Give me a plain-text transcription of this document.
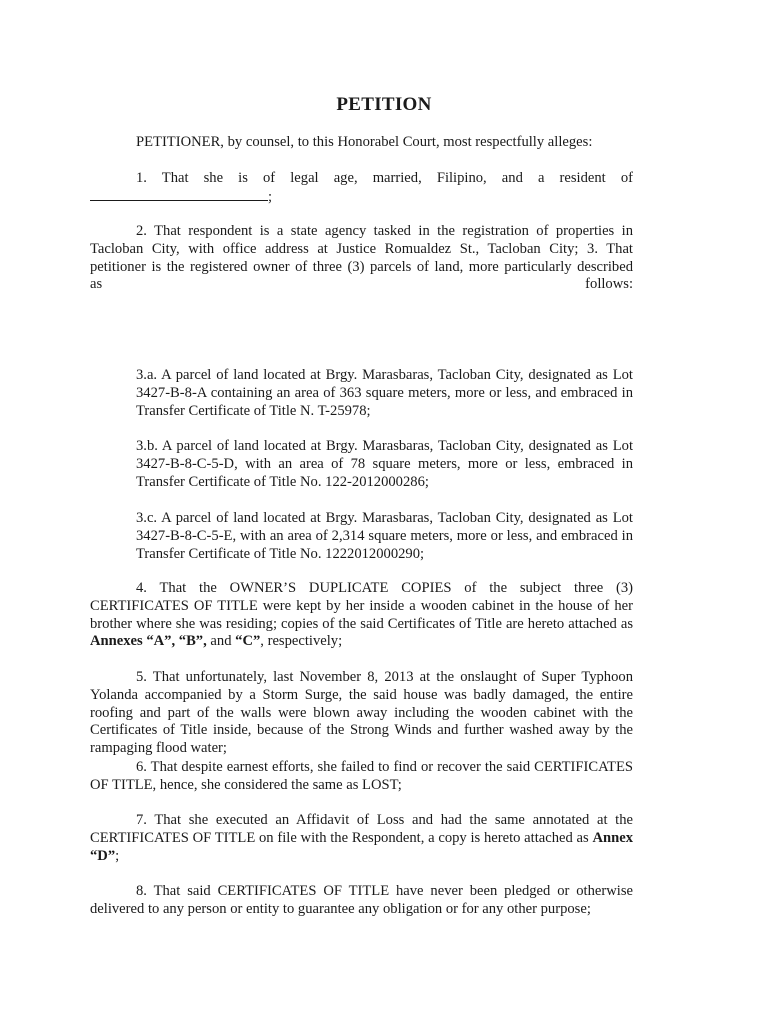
PETITION

PETITIONER, by counsel, to this Honorabel Court, most respectfully alleges:

1. That she is of legal age, married, Filipino, and a resident of
;
2. That respondent is a state agency tasked in the registration of properties in Tacloban City, with office address at Justice Romualdez St., Tacloban City; 3. That petitioner is the registered owner of three (3) parcels of land, more particularly described
as	follows:

3.a. A parcel of land located at Brgy. Marasbaras, Tacloban City, designated as Lot 3427-B-8-A containing an area of 363 square meters, more or less, and embraced in Transfer Certificate of Title N. T-25978;

3.b. A parcel of land located at Brgy. Marasbaras, Tacloban City, designated as Lot 3427-B-8-C-5-D, with an area of 78 square meters, more or less, embraced in Transfer Certificate of Title No. 122-2012000286;

3.c. A parcel of land located at Brgy. Marasbaras, Tacloban City, designated as Lot 3427-B-8-C-5-E, with an area of 2,314 square meters, more or less, and embraced in Transfer Certificate of Title No. 1222012000290;

4. That the OWNER’S DUPLICATE COPIES of the subject three (3) CERTIFICATES OF TITLE were kept by her inside a wooden cabinet in the house of her brother where she was residing; copies of the said Certificates of Title are hereto attached as Annexes “A”, “B”, and “C”, respectively;

5. That unfortunately, last November 8, 2013 at the onslaught of Super Typhoon Yolanda accompanied by a Storm Surge, the said house was badly damaged, the entire roofing and part of the walls were blown away including the wooden cabinet with the Certificates of Title inside, because of the Strong Winds and further washed away by the rampaging flood water;

6. That despite earnest efforts, she failed to find or recover the said CERTIFICATES OF TITLE, hence, she considered the same as LOST;

7. That she executed an Affidavit of Loss and had the same annotated at the CERTIFICATES OF TITLE on file with the Respondent, a copy is hereto attached as Annex “D”;

8. That said CERTIFICATES OF TITLE have never been pledged or otherwise delivered to any person or entity to guarantee any obligation or for any other purpose;
